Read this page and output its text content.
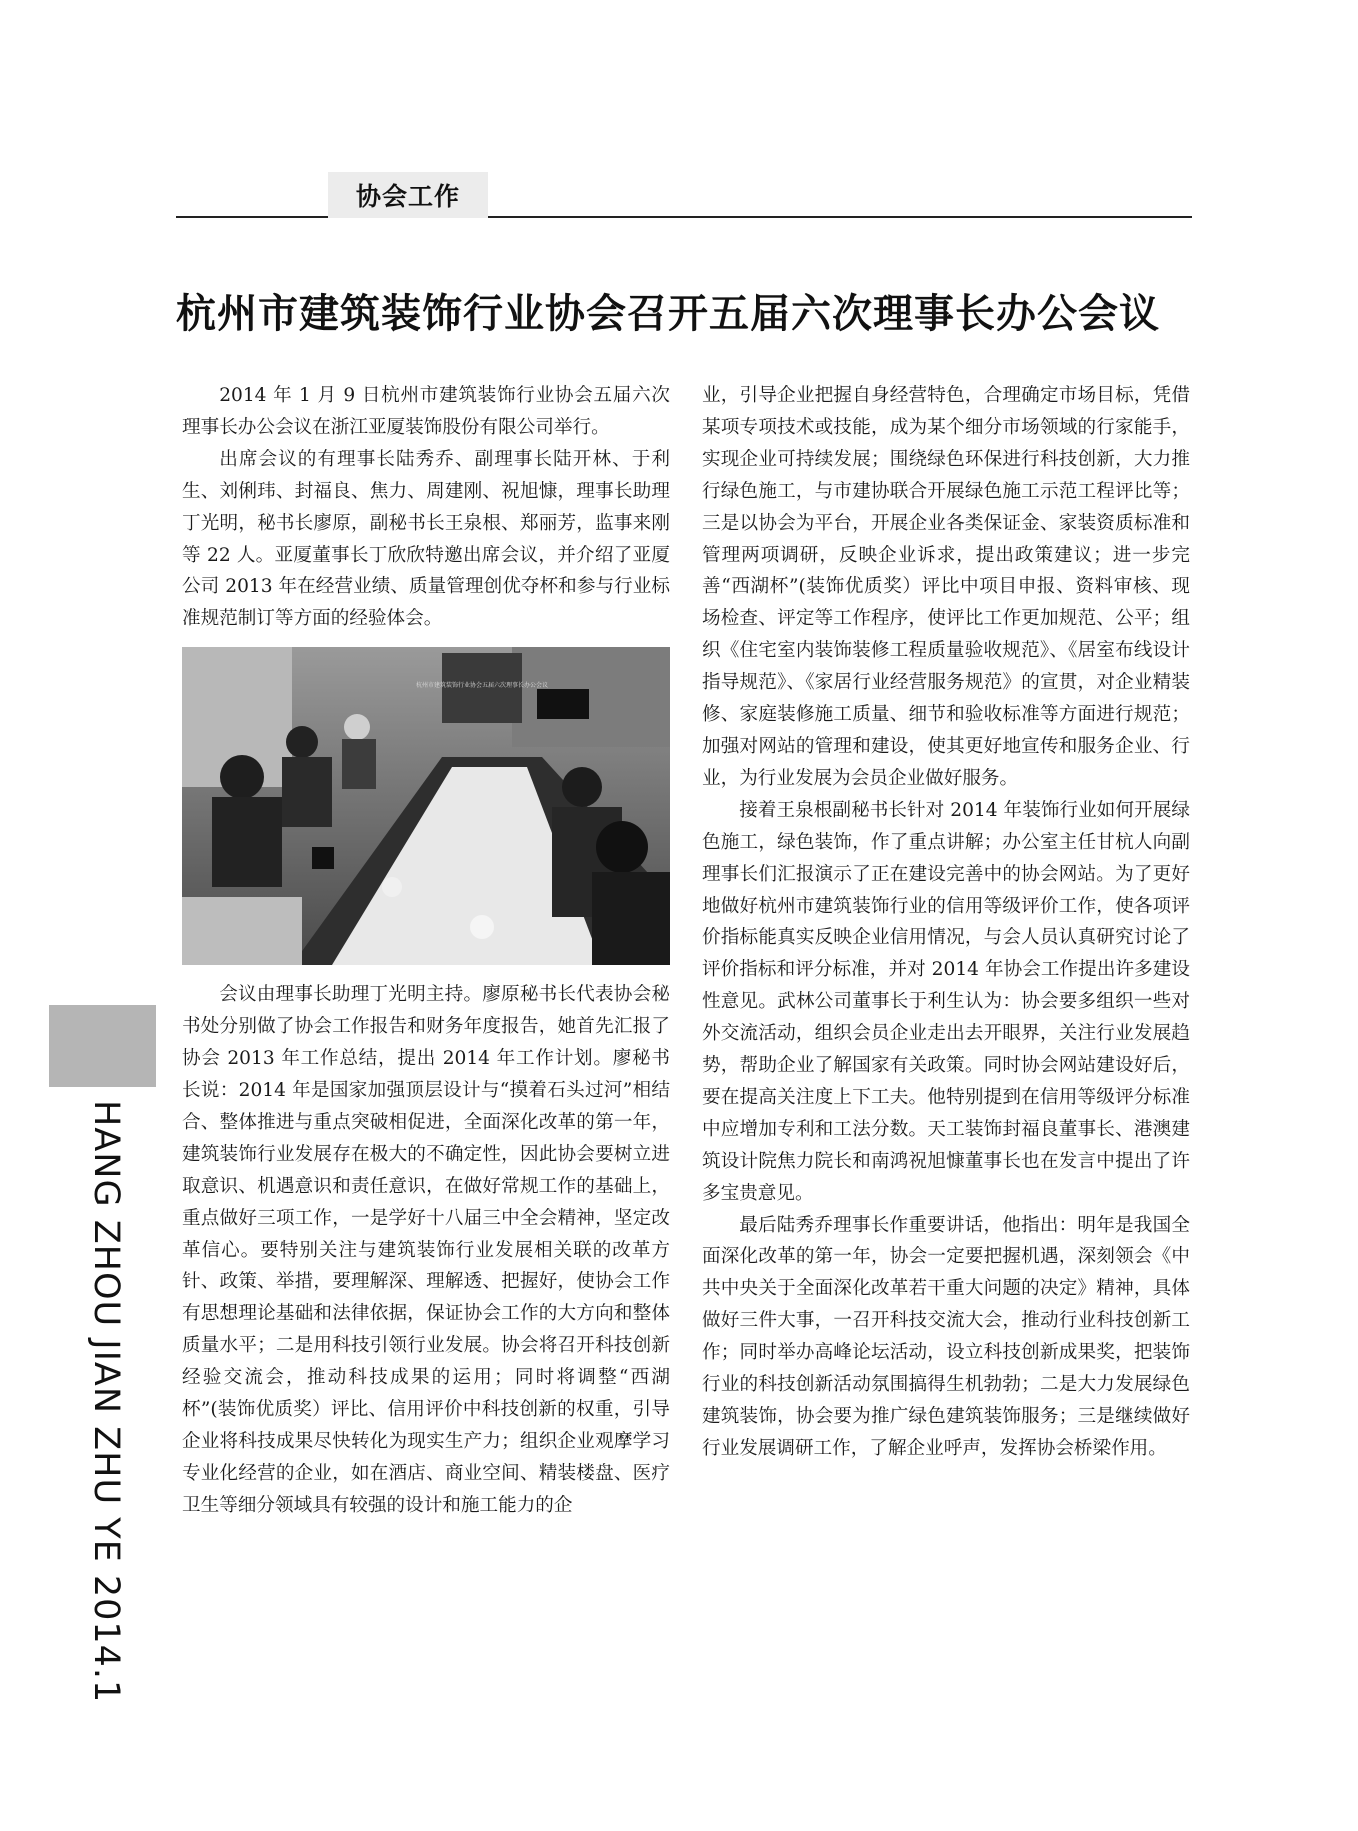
协会工作
杭州市建筑装饰行业协会召开五届六次理事长办公会议

2014 年 1 月 9 日杭州市建筑装饰行业协会五届六次理事长办公会议在浙江亚厦装饰股份有限公司举行。

出席会议的有理事长陆秀乔、副理事长陆开林、于利生、刘俐玮、封福良、焦力、周建刚、祝旭慷，理事长助理丁光明，秘书长廖原，副秘书长王泉根、郑丽芳，监事来刚等 22 人。亚厦董事长丁欣欣特邀出席会议，并介绍了亚厦公司 2013 年在经营业绩、质量管理创优夺杯和参与行业标准规范制订等方面的经验体会。

杭州市建筑装饰行业协会五届六次理事长办公会议

会议由理事长助理丁光明主持。廖原秘书长代表协会秘书处分别做了协会工作报告和财务年度报告，她首先汇报了协会 2013 年工作总结，提出 2014 年工作计划。廖秘书长说：2014 年是国家加强顶层设计与“摸着石头过河”相结合、整体推进与重点突破相促进，全面深化改革的第一年，建筑装饰行业发展存在极大的不确定性，因此协会要树立进取意识、机遇意识和责任意识，在做好常规工作的基础上，重点做好三项工作，一是学好十八届三中全会精神，坚定改革信心。要特别关注与建筑装饰行业发展相关联的改革方针、政策、举措，要理解深、理解透、把握好，使协会工作有思想理论基础和法律依据，保证协会工作的大方向和整体质量水平；二是用科技引领行业发展。协会将召开科技创新经验交流会，推动科技成果的运用；同时将调整“西湖杯”(装饰优质奖）评比、信用评价中科技创新的权重，引导企业将科技成果尽快转化为现实生产力；组织企业观摩学习专业化经营的企业，如在酒店、商业空间、精装楼盘、医疗卫生等细分领域具有较强的设计和施工能力的企

业，引导企业把握自身经营特色，合理确定市场目标，凭借某项专项技术或技能，成为某个细分市场领域的行家能手，实现企业可持续发展；围绕绿色环保进行科技创新，大力推行绿色施工，与市建协联合开展绿色施工示范工程评比等；三是以协会为平台，开展企业各类保证金、家装资质标准和管理两项调研，反映企业诉求，提出政策建议；进一步完善“西湖杯”(装饰优质奖）评比中项目申报、资料审核、现场检查、评定等工作程序，使评比工作更加规范、公平；组织《住宅室内装饰装修工程质量验收规范》、《居室布线设计指导规范》、《家居行业经营服务规范》的宣贯，对企业精装修、家庭装修施工质量、细节和验收标准等方面进行规范；加强对网站的管理和建设，使其更好地宣传和服务企业、行业，为行业发展为会员企业做好服务。

接着王泉根副秘书长针对 2014 年装饰行业如何开展绿色施工，绿色装饰，作了重点讲解；办公室主任甘杭人向副理事长们汇报演示了正在建设完善中的协会网站。为了更好地做好杭州市建筑装饰行业的信用等级评价工作，使各项评价指标能真实反映企业信用情况，与会人员认真研究讨论了评价指标和评分标准，并对 2014 年协会工作提出许多建设性意见。武林公司董事长于利生认为：协会要多组织一些对外交流活动，组织会员企业走出去开眼界，关注行业发展趋势，帮助企业了解国家有关政策。同时协会网站建设好后，要在提高关注度上下工夫。他特别提到在信用等级评分标准中应增加专利和工法分数。天工装饰封福良董事长、港澳建筑设计院焦力院长和南鸿祝旭慷董事长也在发言中提出了许多宝贵意见。

最后陆秀乔理事长作重要讲话，他指出：明年是我国全面深化改革的第一年，协会一定要把握机遇，深刻领会《中共中央关于全面深化改革若干重大问题的决定》精神，具体做好三件大事，一召开科技交流大会，推动行业科技创新工作；同时举办高峰论坛活动，设立科技创新成果奖，把装饰行业的科技创新活动氛围搞得生机勃勃；二是大力发展绿色建筑装饰，协会要为推广绿色建筑装饰服务；三是继续做好行业发展调研工作，了解企业呼声，发挥协会桥梁作用。

HANG ZHOU JIAN ZHU YE 2014.1
